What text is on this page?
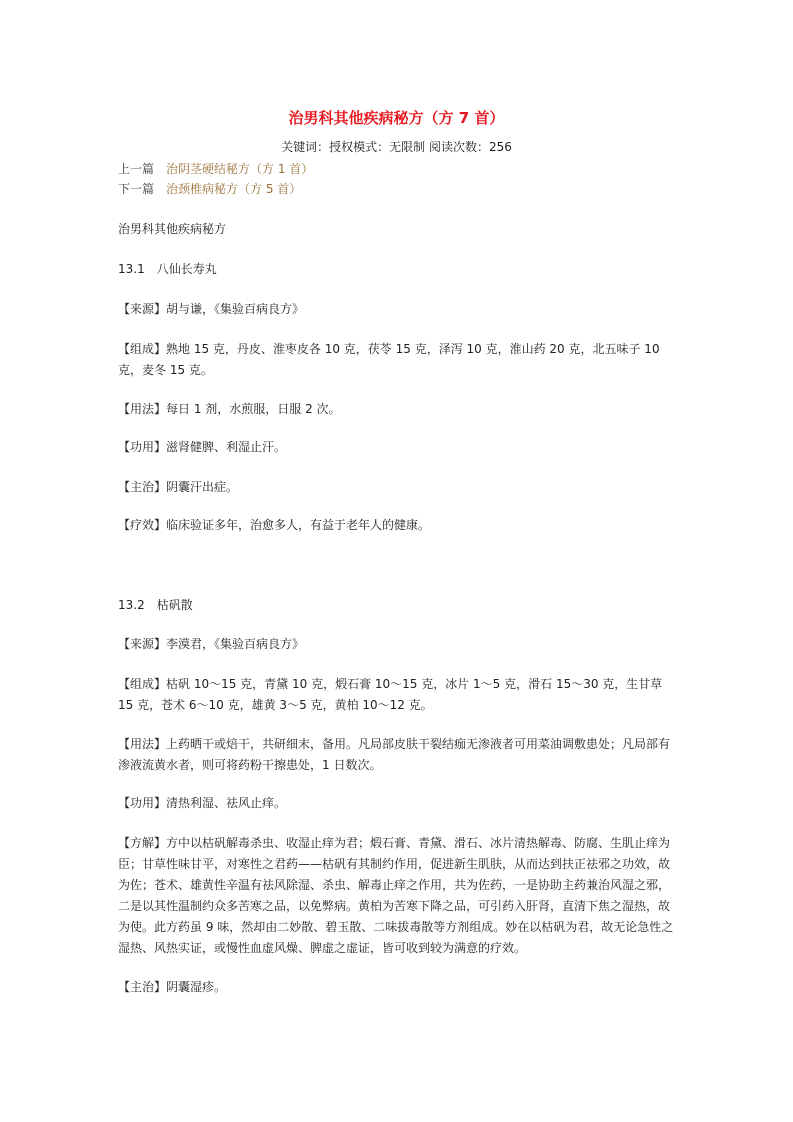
治男科其他疾病秘方（方 7 首）
关键词：授权模式：无限制 阅读次数：256
上一篇 治阴茎硬结秘方（方 1 首）
下一篇 治颈椎病秘方（方 5 首）
治男科其他疾病秘方
13.1　八仙长寿丸
【来源】胡与谦，《集验百病良方》
【组成】熟地 15 克，丹皮、淮枣皮各 10 克，茯苓 15 克，泽泻 10 克，淮山药 20 克，北五味子 10 克，麦冬 15 克。
【用法】每日 1 剂，水煎服，日服 2 次。
【功用】滋肾健脾、利湿止汗。
【主治】阴囊汗出症。
【疗效】临床验证多年，治愈多人，有益于老年人的健康。
13.2　枯矾散
【来源】李漠君，《集验百病良方》
【组成】枯矾 10～15 克，青黛 10 克，煅石膏 10～15 克，冰片 1～5 克，滑石 15～30 克，生甘草 15 克，苍术 6～10 克，雄黄 3～5 克，黄柏 10～12 克。
【用法】上药晒干或焙干，共研细末，备用。凡局部皮肤干裂结痂无渗液者可用菜油调敷患处；凡局部有渗液流黄水者，则可将药粉干擦患处，1 日数次。
【功用】清热利湿、祛风止痒。
【方解】方中以枯矾解毒杀虫、收湿止痒为君；煅石膏、青黛、滑石、冰片清热解毒、防腐、生肌止痒为臣；甘草性味甘平，对寒性之君药——枯矾有其制约作用，促进新生肌肤，从而达到扶正祛邪之功效，故为佐；苍术、雄黄性辛温有祛风除湿、杀虫、解毒止痒之作用，共为佐药，一是协助主药兼治风湿之邪，二是以其性温制约众多苦寒之品，以免弊病。黄柏为苦寒下降之品，可引药入肝肾，直清下焦之湿热，故为使。此方药虽 9 味，然却由二妙散、碧玉散、二味拔毒散等方剂组成。妙在以枯矾为君，故无论急性之湿热、风热实证，或慢性血虚风燥、脾虚之虚证，皆可收到较为满意的疗效。
【主治】阴囊湿疹。
